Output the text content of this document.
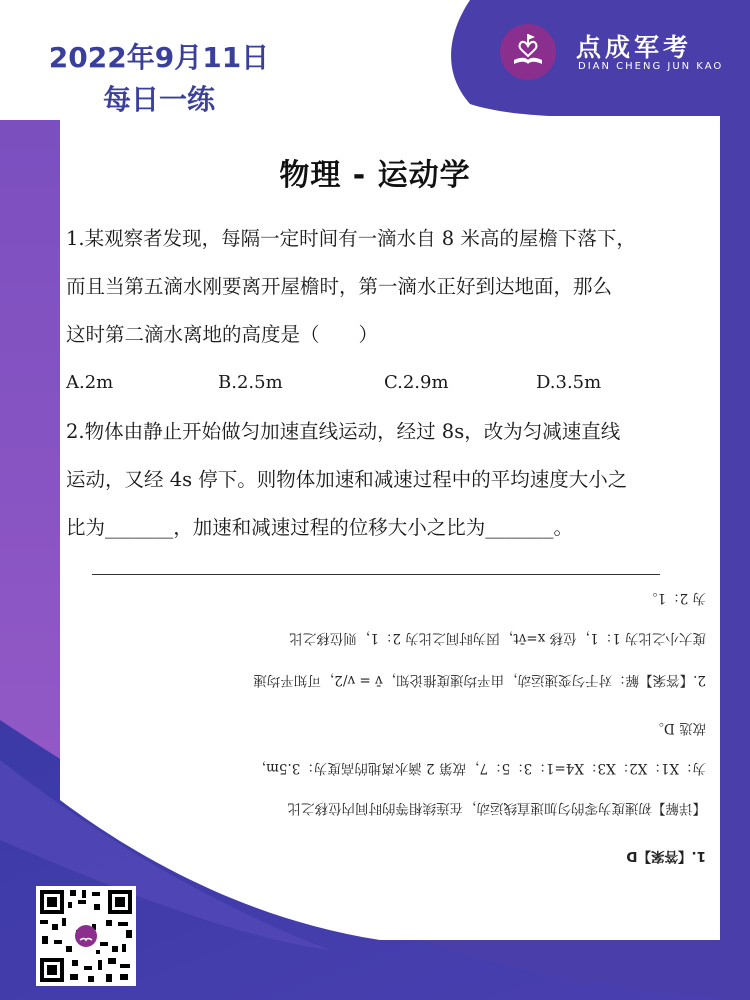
2022年9月11日
每日一练
点成军考
DIAN CHENG JUN KAO
物理 - 运动学
1.某观察者发现，每隔一定时间有一滴水自 8 米高的屋檐下落下，
而且当第五滴水刚要离开屋檐时，第一滴水正好到达地面，那么
这时第二滴水离地的高度是（　　）
A.2m	B.2.5m	C.2.9m	D.3.5m
2.物体由静止开始做匀加速直线运动，经过 8s，改为匀减速直线
运动，又经 4s 停下。则物体加速和减速过程中的平均速度大小之
比为_______，加速和减速过程的位移大小之比为_______。
1.【答案】D
【详解】初速度为零的匀加速直线运动，在连续相等的时间内位移之比
为：X1：X2：X3：X4=1：3：5：7，故第 2 滴水离地的高度为：3.5m，
故选 D。
2.【答案】解：对于匀变速运动，由平均速度推论知，v̄ = v/2，可知平均速
度大小之比为 1：1，位移 x=v̄t，因为时间之比为 2：1，则位移之比
为 2：1。
